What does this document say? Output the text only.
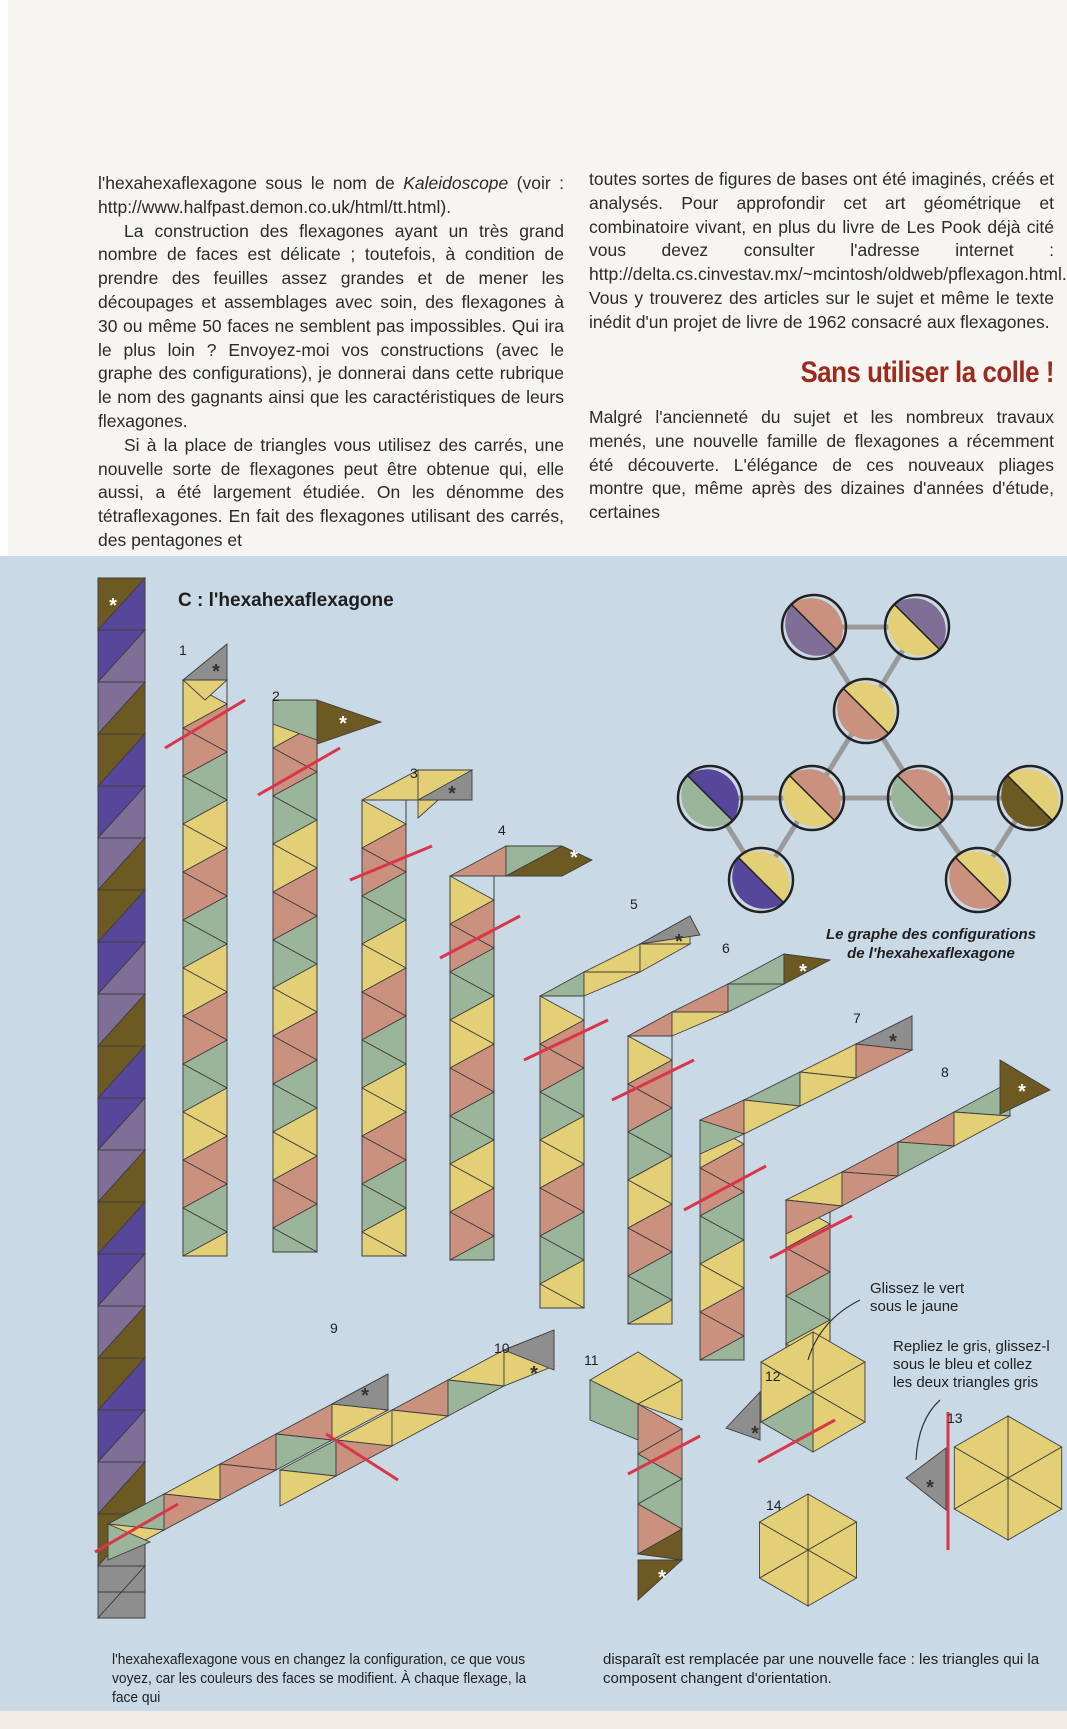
l'hexahexaflexagone sous le nom de Kaleidoscope (voir : http://www.halfpast.demon.co.uk/html/tt.html).

La construction des flexagones ayant un très grand nombre de faces est délicate ; toutefois, à condition de prendre des feuilles assez grandes et de mener les découpages et assemblages avec soin, des flexagones à 30 ou même 50 faces ne semblent pas impossibles. Qui ira le plus loin ? Envoyez-moi vos constructions (avec le graphe des configurations), je donnerai dans cette rubrique le nom des gagnants ainsi que les caractéristiques de leurs flexagones.

Si à la place de triangles vous utilisez des carrés, une nouvelle sorte de flexagones peut être obtenue qui, elle aussi, a été largement étudiée. On les dénomme des tétraflexagones. En fait des flexagones utilisant des carrés, des pentagones et

toutes sortes de figures de bases ont été imaginés, créés et analysés. Pour approfondir cet art géométrique et combinatoire vivant, en plus du livre de Les Pook déjà cité vous devez consulter l'adresse internet : http://delta.cs.cinvestav.mx/~mcintosh/oldweb/pflexagon.html. Vous y trouverez des articles sur le sujet et même le texte inédit d'un projet de livre de 1962 consacré aux flexagones.

Sans utiliser la colle !

Malgré l'ancienneté du sujet et les nombreux travaux menés, une nouvelle famille de flexagones a récemment été découverte. L'élégance de ces nouveaux pliages montre que, même après des dizaines d'années d'étude, certaines

*
*
*
*
*
*
*
*
*
*
*
*
*
*
C : l'hexahexaflexagone
Le graphe des configurations
de l'hexahexaflexagone
1
2
3
4
5
6
7
8
9
10
11
12
13
14
Glissez le vert
sous le jaune
Repliez le gris, glissez-l
sous le bleu et collez
les deux triangles gris
l'hexahexaflexagone vous en changez la configuration, ce que vous voyez, car les couleurs des faces se modifient. À chaque flexage, la face qui
disparaît est remplacée par une nouvelle face : les triangles qui la composent changent d'orientation.
